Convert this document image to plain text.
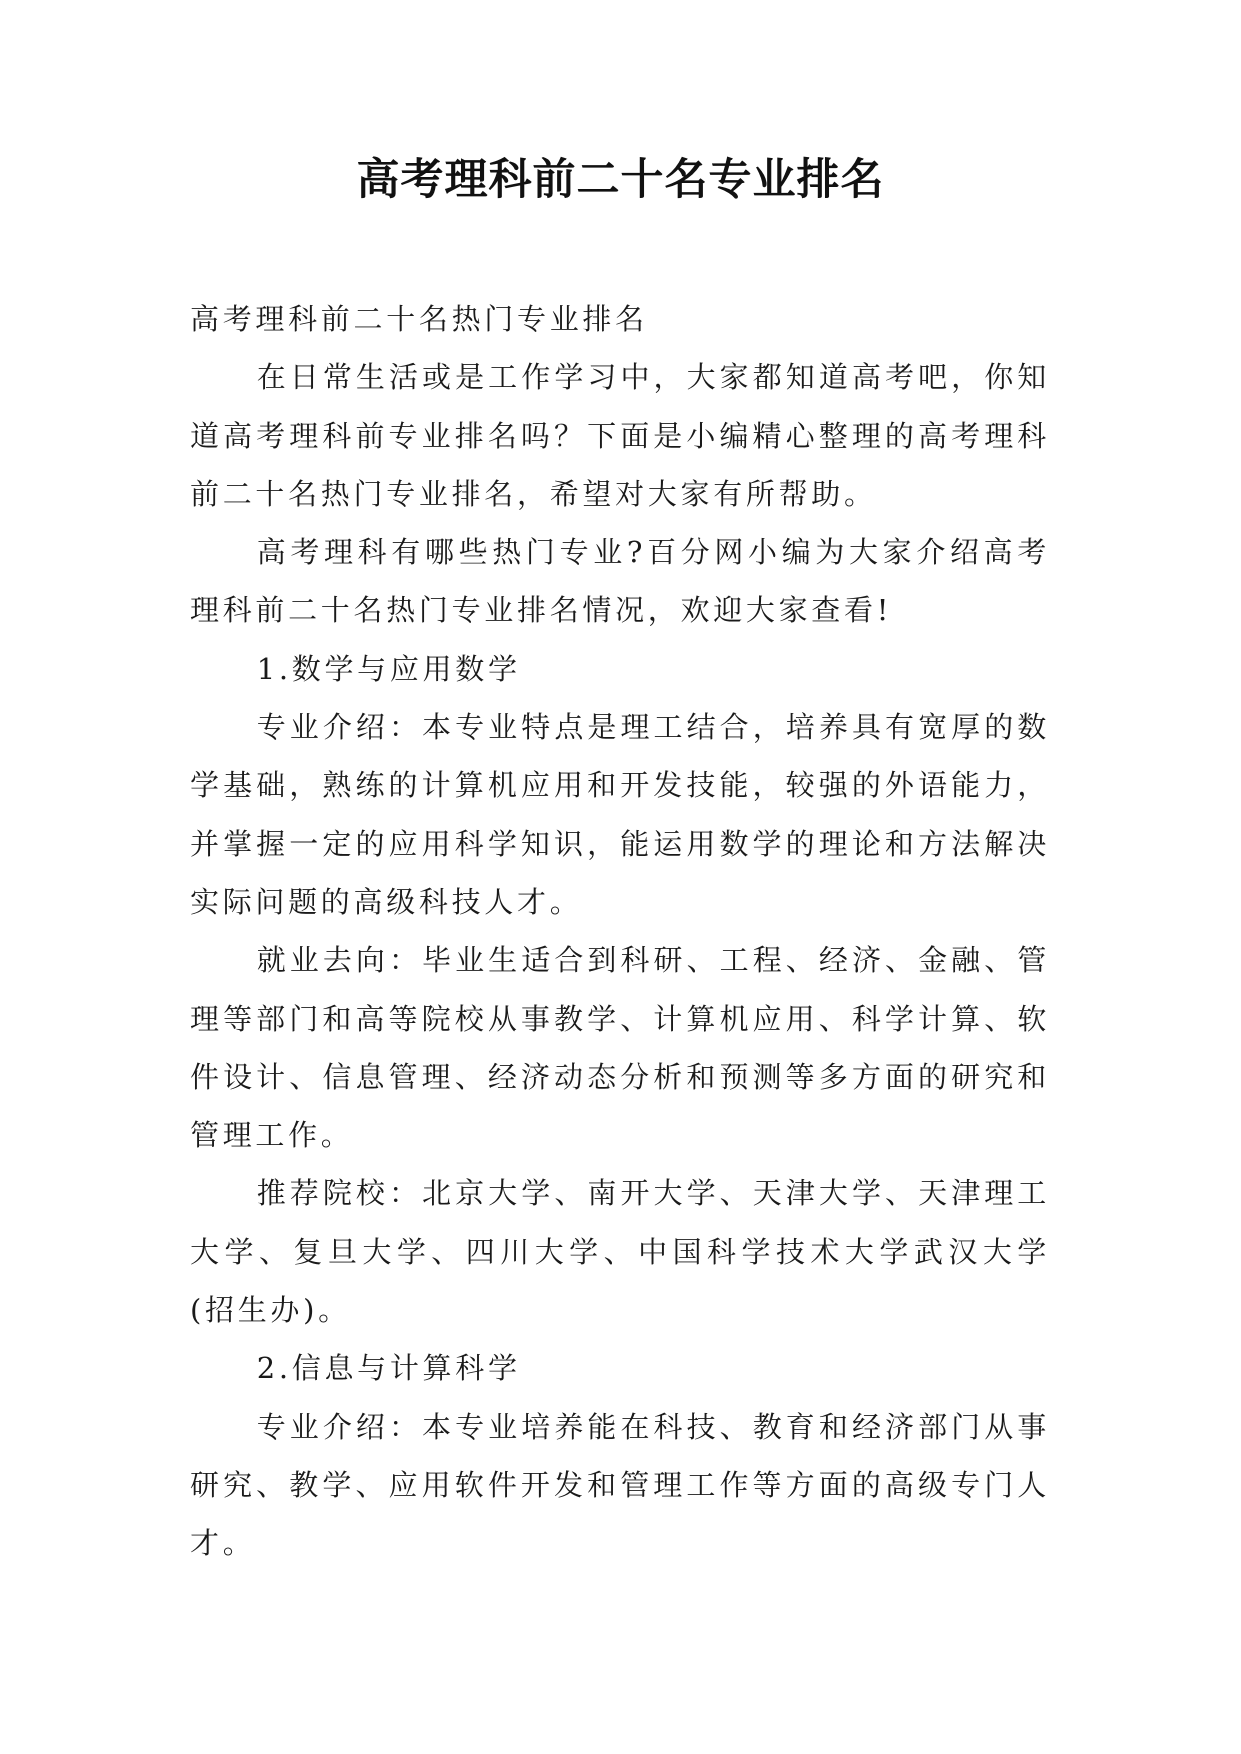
高考理科前二十名专业排名

高考理科前二十名热门专业排名

在日常生活或是工作学习中，大家都知道高考吧，你知道高考理科前专业排名吗？下面是小编精心整理的高考理科前二十名热门专业排名，希望对大家有所帮助。

高考理科有哪些热门专业?百分网小编为大家介绍高考理科前二十名热门专业排名情况，欢迎大家查看!

1.数学与应用数学

专业介绍：本专业特点是理工结合，培养具有宽厚的数学基础，熟练的计算机应用和开发技能，较强的外语能力，并掌握一定的应用科学知识，能运用数学的理论和方法解决实际问题的高级科技人才。

就业去向：毕业生适合到科研、工程、经济、金融、管理等部门和高等院校从事教学、计算机应用、科学计算、软件设计、信息管理、经济动态分析和预测等多方面的研究和管理工作。

推荐院校：北京大学、南开大学、天津大学、天津理工大学、复旦大学、四川大学、中国科学技术大学武汉大学(招生办)。

2.信息与计算科学

专业介绍：本专业培养能在科技、教育和经济部门从事研究、教学、应用软件开发和管理工作等方面的高级专门人才。
